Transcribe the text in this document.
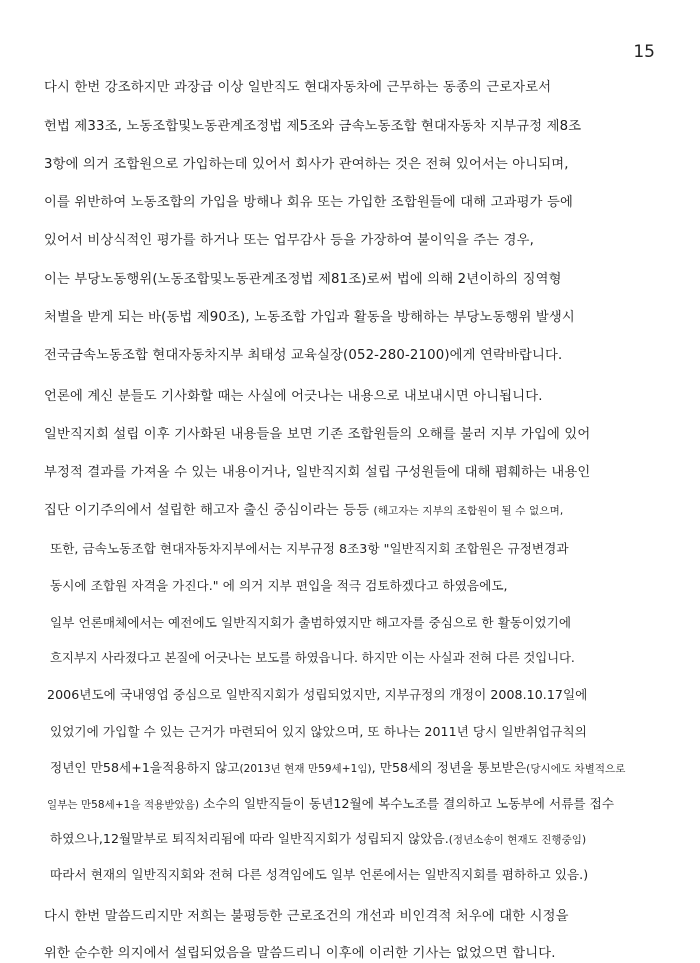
15
다시 한번 강조하지만 과장급 이상 일반직도 현대자동차에 근무하는 동종의 근로자로서
헌법 제33조, 노동조합및노동관계조정법 제5조와 금속노동조합 현대자동차 지부규정 제8조
3항에 의거 조합원으로 가입하는데 있어서 회사가 관여하는 것은 전혀 있어서는 아니되며,
이를 위반하여 노동조합의 가입을 방해나 회유 또는 가입한 조합원들에 대해 고과평가 등에
있어서 비상식적인 평가를 하거나 또는 업무감사 등을 가장하여 불이익을 주는 경우,
이는 부당노동행위(노동조합및노동관계조정법 제81조)로써 법에 의해 2년이하의 징역형
처벌을 받게 되는 바(동법 제90조), 노동조합 가입과 활동을 방해하는 부당노동행위 발생시
전국금속노동조합 현대자동차지부 최태성 교육실장(052-280-2100)에게 연락바랍니다.
언론에 계신 분들도 기사화할 때는 사실에 어긋나는 내용으로 내보내시면 아니됩니다.
일반직지회 설립 이후 기사화된 내용들을 보면 기존 조합원들의 오해를 불러 지부 가입에 있어
부정적 결과를 가져올 수 있는 내용이거나, 일반직지회 설립 구성원들에 대해 폄훼하는 내용인
집단 이기주의에서 설립한 해고자 출신 중심이라는 등등 (해고자는 지부의 조합원이 될 수 없으며,
또한, 금속노동조합 현대자동차지부에서는 지부규정 8조3항 "일반직지회 조합원은 규정변경과
동시에 조합원 자격을 가진다." 에 의거 지부 편입을 적극 검토하겠다고 하였음에도,
일부 언론매체에서는 예전에도 일반직지회가 출범하였지만 해고자를 중심으로 한 활동이었기에
흐지부지 사라졌다고 본질에 어긋나는 보도를 하였읍니다. 하지만 이는 사실과 전혀 다른 것입니다.
2006년도에 국내영업 중심으로 일반직지회가 성립되었지만, 지부규정의 개정이 2008.10.17일에
있었기에 가입할 수 있는 근거가 마련되어 있지 않았으며, 또 하나는 2011년 당시 일반취업규칙의
정년인 만58세+1을적용하지 않고(2013년 현재 만59세+1임), 만58세의 정년을 통보받은(당시에도 차별적으로
일부는 만58세+1을 적용받았음) 소수의 일반직들이 동년12월에 복수노조를 결의하고 노동부에 서류를 접수
하였으나,12월말부로 퇴직처리됨에 따라 일반직지회가 성립되지 않았음.(정년소송이 현재도 진행중임)
따라서 현재의 일반직지회와 전혀 다른 성격임에도 일부 언론에서는 일반직지회를 폄하하고 있음.)
다시 한번 말씀드리지만 저희는 불평등한 근로조건의 개선과 비인격적 처우에 대한 시정을
위한 순수한 의지에서 설립되었음을 말씀드리니 이후에 이러한 기사는 없었으면 합니다.
